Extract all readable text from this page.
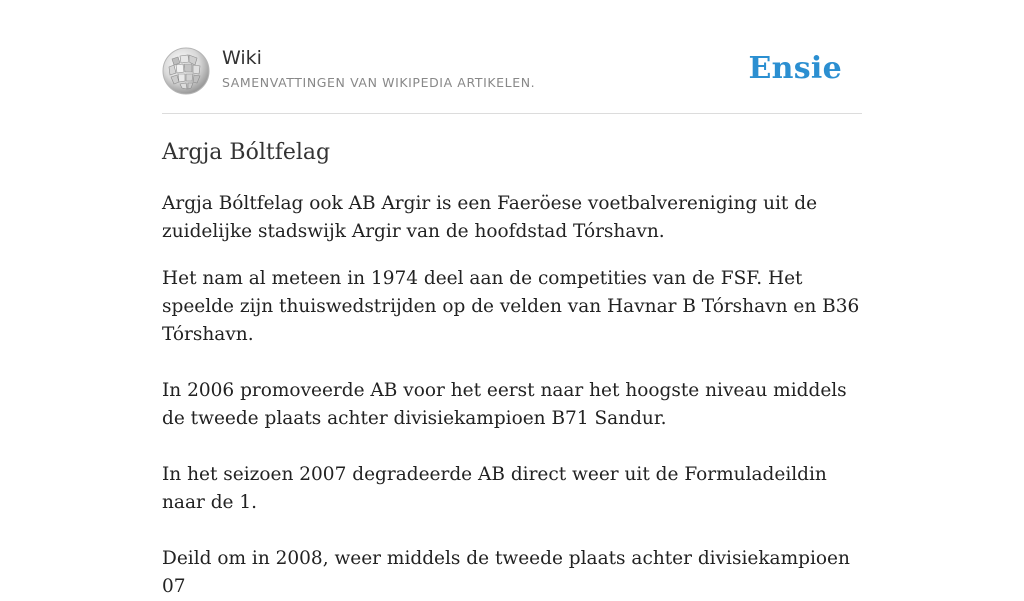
Wiki
SAMENVATTINGEN VAN WIKIPEDIA ARTIKELEN.	Ensie
Argja Bóltfelag

Argja Bóltfelag ook AB Argir is een Faeröese voetbalvereniging uit de zuidelijke stadswijk Argir van de hoofdstad Tórshavn.

Het nam al meteen in 1974 deel aan de competities van de FSF. Het speelde zijn thuiswedstrijden op de velden van Havnar B Tórshavn en B36 Tórshavn.

In 2006 promoveerde AB voor het eerst naar het hoogste niveau middels de tweede plaats achter divisiekampioen B71 Sandur.

In het seizoen 2007 degradeerde AB direct weer uit de Formuladeildin naar de 1.

Deild om in 2008, weer middels de tweede plaats achter divisiekampioen 07
